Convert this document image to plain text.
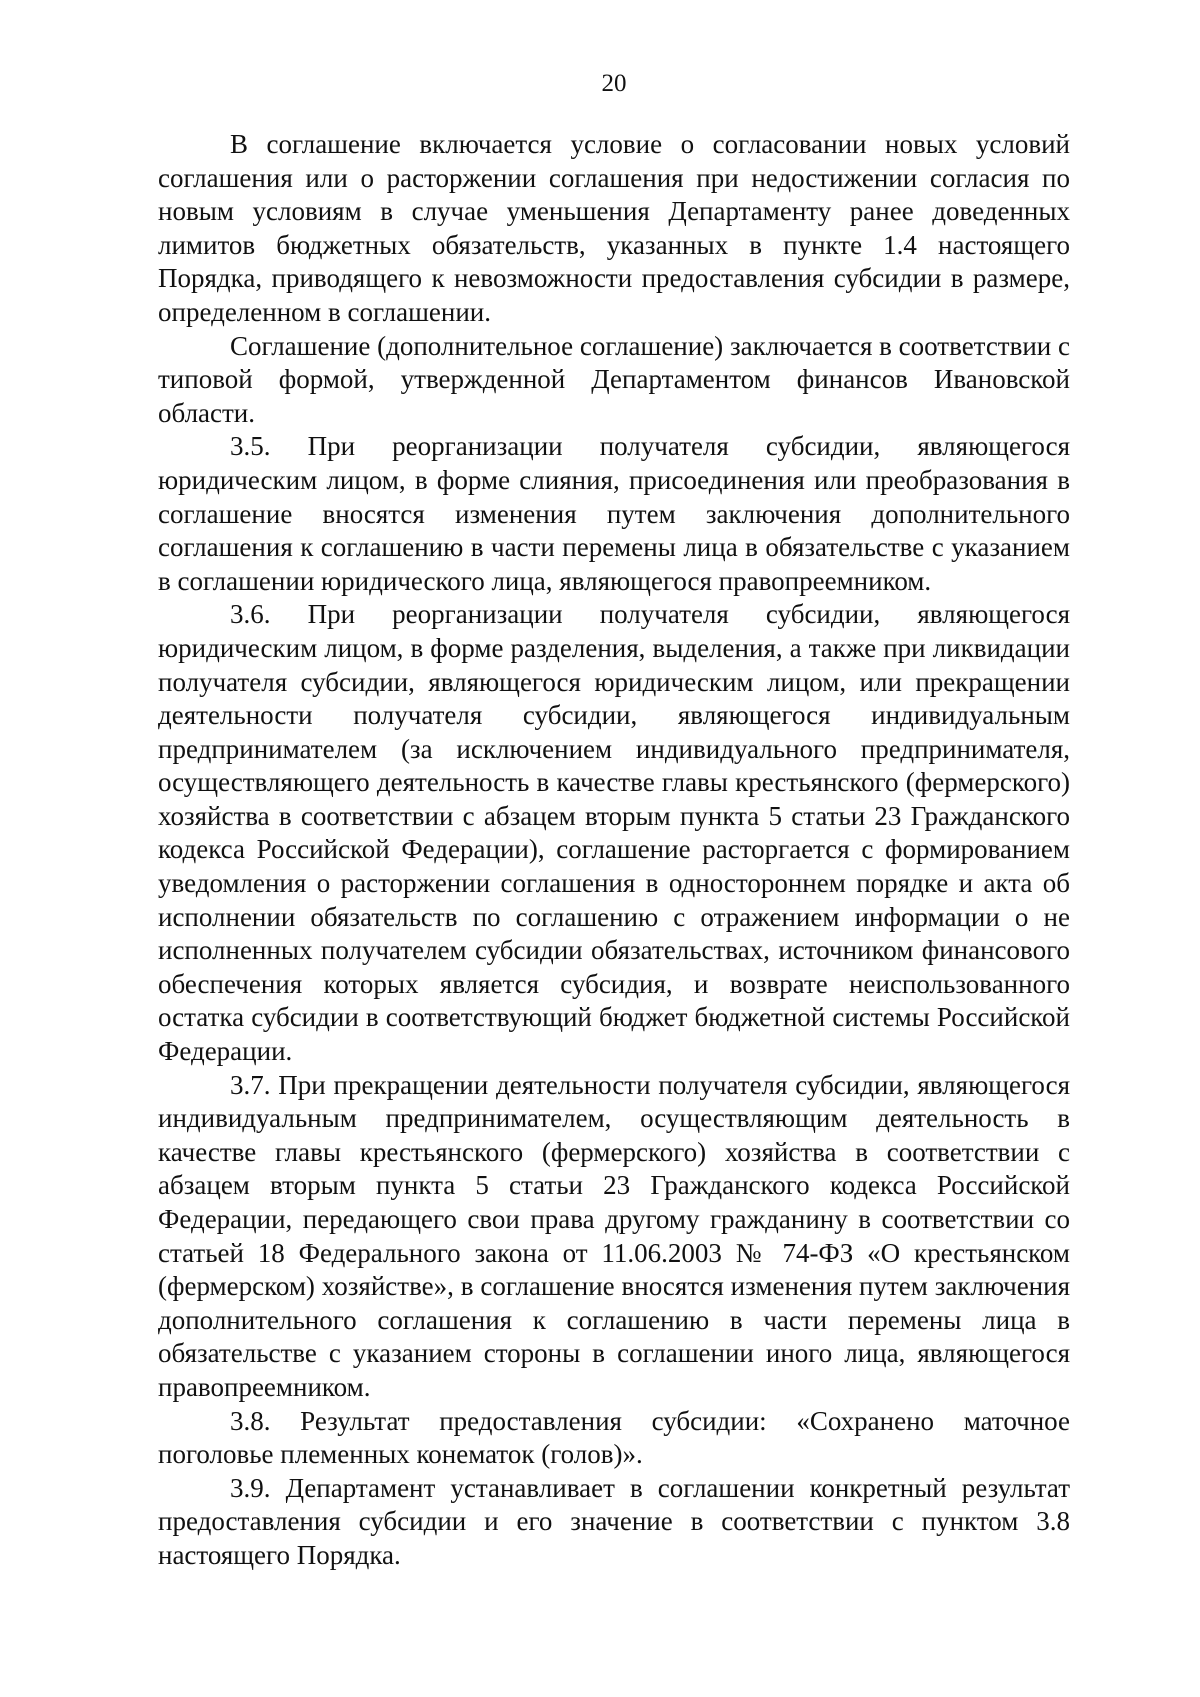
20

В соглашение включается условие о согласовании новых условий соглашения или о расторжении соглашения при недостижении согласия по новым условиям в случае уменьшения Департаменту ранее доведенных лимитов бюджетных обязательств, указанных в пункте 1.4 настоящего Порядка, приводящего к невозможности предоставления субсидии в размере, определенном в соглашении.

Соглашение (дополнительное соглашение) заключается в соответствии с типовой формой, утвержденной Департаментом финансов Ивановской области.

3.5. При реорганизации получателя субсидии, являющегося юридическим лицом, в форме слияния, присоединения или преобразования в соглашение вносятся изменения путем заключения дополнительного соглашения к соглашению в части перемены лица в обязательстве с указанием в соглашении юридического лица, являющегося правопреемником.

3.6. При реорганизации получателя субсидии, являющегося юридическим лицом, в форме разделения, выделения, а также при ликвидации получателя субсидии, являющегося юридическим лицом, или прекращении деятельности получателя субсидии, являющегося индивидуальным предпринимателем (за исключением индивидуального предпринимателя, осуществляющего деятельность в качестве главы крестьянского (фермерского) хозяйства в соответствии с абзацем вторым пункта 5 статьи 23 Гражданского кодекса Российской Федерации), соглашение расторгается с формированием уведомления о расторжении соглашения в одностороннем порядке и акта об исполнении обязательств по соглашению с отражением информации о не исполненных получателем субсидии обязательствах, источником финансового обеспечения которых является субсидия, и возврате неиспользованного остатка субсидии в соответствующий бюджет бюджетной системы Российской Федерации.

3.7. При прекращении деятельности получателя субсидии, являющегося индивидуальным предпринимателем, осуществляющим деятельность в качестве главы крестьянского (фермерского) хозяйства в соответствии с абзацем вторым пункта 5 статьи 23 Гражданского кодекса Российской Федерации, передающего свои права другому гражданину в соответствии со статьей 18 Федерального закона от 11.06.2003 № 74-ФЗ «О крестьянском (фермерском) хозяйстве», в соглашение вносятся изменения путем заключения дополнительного соглашения к соглашению в части перемены лица в обязательстве с указанием стороны в соглашении иного лица, являющегося правопреемником.

3.8. Результат предоставления субсидии: «Сохранено маточное поголовье племенных конематок (голов)».

3.9. Департамент устанавливает в соглашении конкретный результат предоставления субсидии и его значение в соответствии с пунктом 3.8 настоящего Порядка.
